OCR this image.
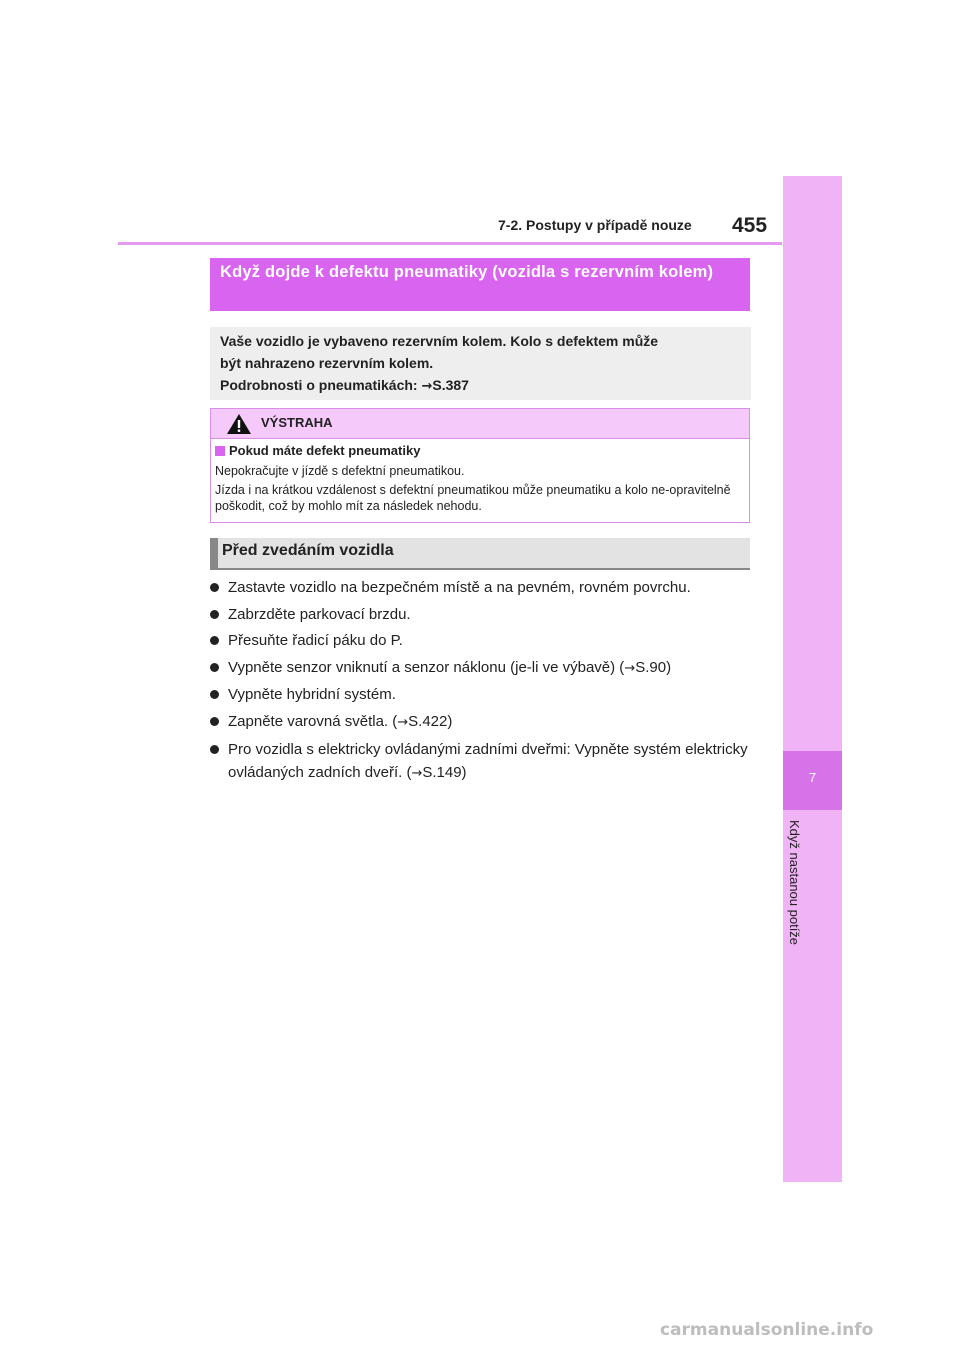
7-2. Postupy v případě nouze 455
7
Když nastanou potíže
Když dojde k defektu pneumatiky (vozidla s rezervním kolem)
Vaše vozidlo je vybaveno rezervním kolem. Kolo s defektem může
být nahrazeno rezervním kolem.
Podrobnosti o pneumatikách: →S.387
VÝSTRAHA
Pokud máte defekt pneumatiky

Nepokračujte v jízdě s defektní pneumatikou.

Jízda i na krátkou vzdálenost s defektní pneumatikou může pneumatiku a kolo ne-opravitelně poškodit, což by mohlo mít za následek nehodu.

Před zvedáním vozidla
Zastavte vozidlo na bezpečném místě a na pevném, rovném povrchu.
Zabrzděte parkovací brzdu.
Přesuňte řadicí páku do P.
Vypněte senzor vniknutí a senzor náklonu (je-li ve výbavě) (→S.90)
Vypněte hybridní systém.
Zapněte varovná světla. (→S.422)
Pro vozidla s elektricky ovládanými zadními dveřmi: Vypněte systém elektricky ovládaných zadních dveří. (→S.149)
carmanualsonline.info
